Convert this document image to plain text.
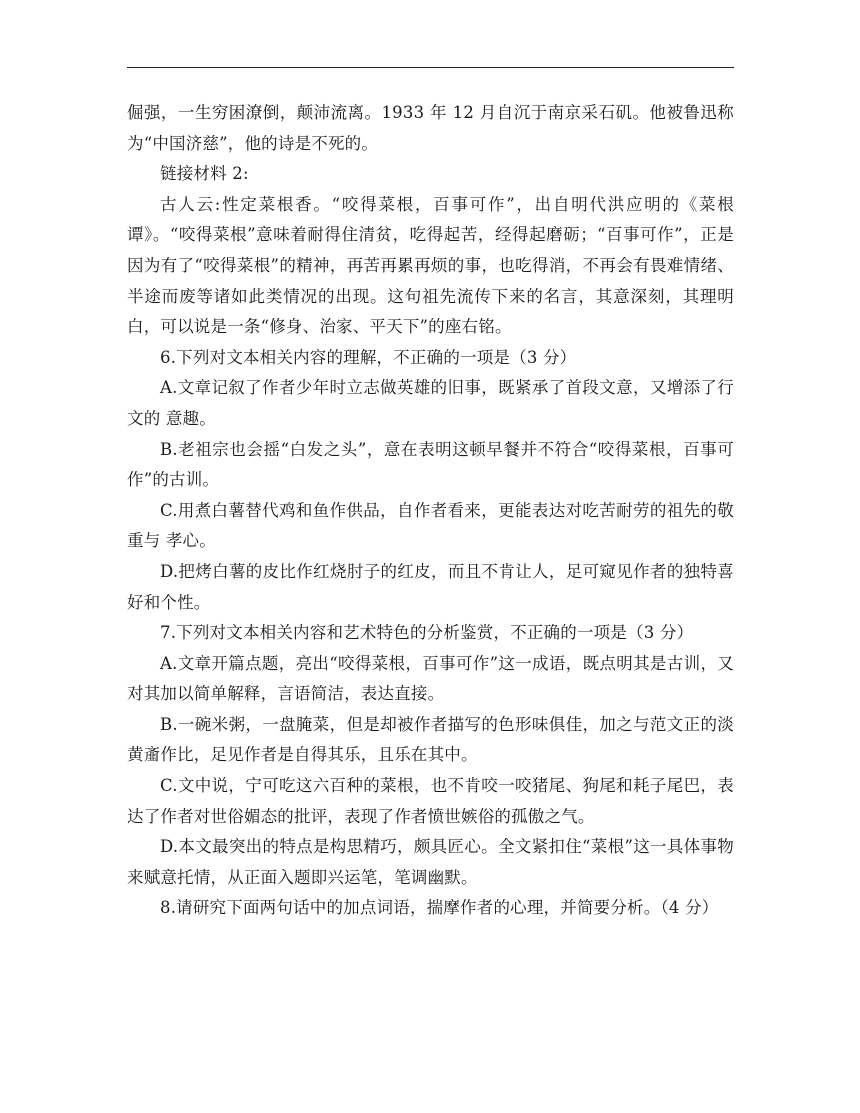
倔强，一生穷困潦倒，颠沛流离。1933 年 12 月自沉于南京采石矶。他被鲁迅称为“中国济慈”，他的诗是不死的。

链接材料 2:

古人云:性定菜根香。“咬得菜根，百事可作”，出自明代洪应明的《菜根谭》。“咬得菜根”意味着耐得住清贫，吃得起苦，经得起磨砺；“百事可作”，正是因为有了“咬得菜根”的精神，再苦再累再烦的事，也吃得消，不再会有畏难情绪、半途而废等诸如此类情况的出现。这句祖先流传下来的名言，其意深刻，其理明白，可以说是一条“修身、治家、平天下”的座右铭。

6.下列对文本相关内容的理解，不正确的一项是（3 分）

A.文章记叙了作者少年时立志做英雄的旧事，既紧承了首段文意，又增添了行文的 意趣。

B.老祖宗也会摇“白发之头”，意在表明这顿早餐并不符合“咬得菜根，百事可作”的古训。

C.用煮白薯替代鸡和鱼作供品，自作者看来，更能表达对吃苦耐劳的祖先的敬重与 孝心。

D.把烤白薯的皮比作红烧肘子的红皮，而且不肯让人，足可窥见作者的独特喜好和个性。

7.下列对文本相关内容和艺术特色的分析鉴赏，不正确的一项是（3 分）

A.文章开篇点题，亮出“咬得菜根，百事可作”这一成语，既点明其是古训，又对其加以简单解释，言语简洁，表达直接。

B.一碗米粥，一盘腌菜，但是却被作者描写的色形味俱佳，加之与范文正的淡黄齑作比，足见作者是自得其乐，且乐在其中。

C.文中说，宁可吃这六百种的菜根，也不肯咬一咬猪尾、狗尾和耗子尾巴，表达了作者对世俗媚态的批评，表现了作者愤世嫉俗的孤傲之气。

D.本文最突出的特点是构思精巧，颇具匠心。全文紧扣住“菜根”这一具体事物来赋意托情，从正面入题即兴运笔，笔调幽默。

8.请研究下面两句话中的加点词语，揣摩作者的心理，并简要分析。（4 分）
